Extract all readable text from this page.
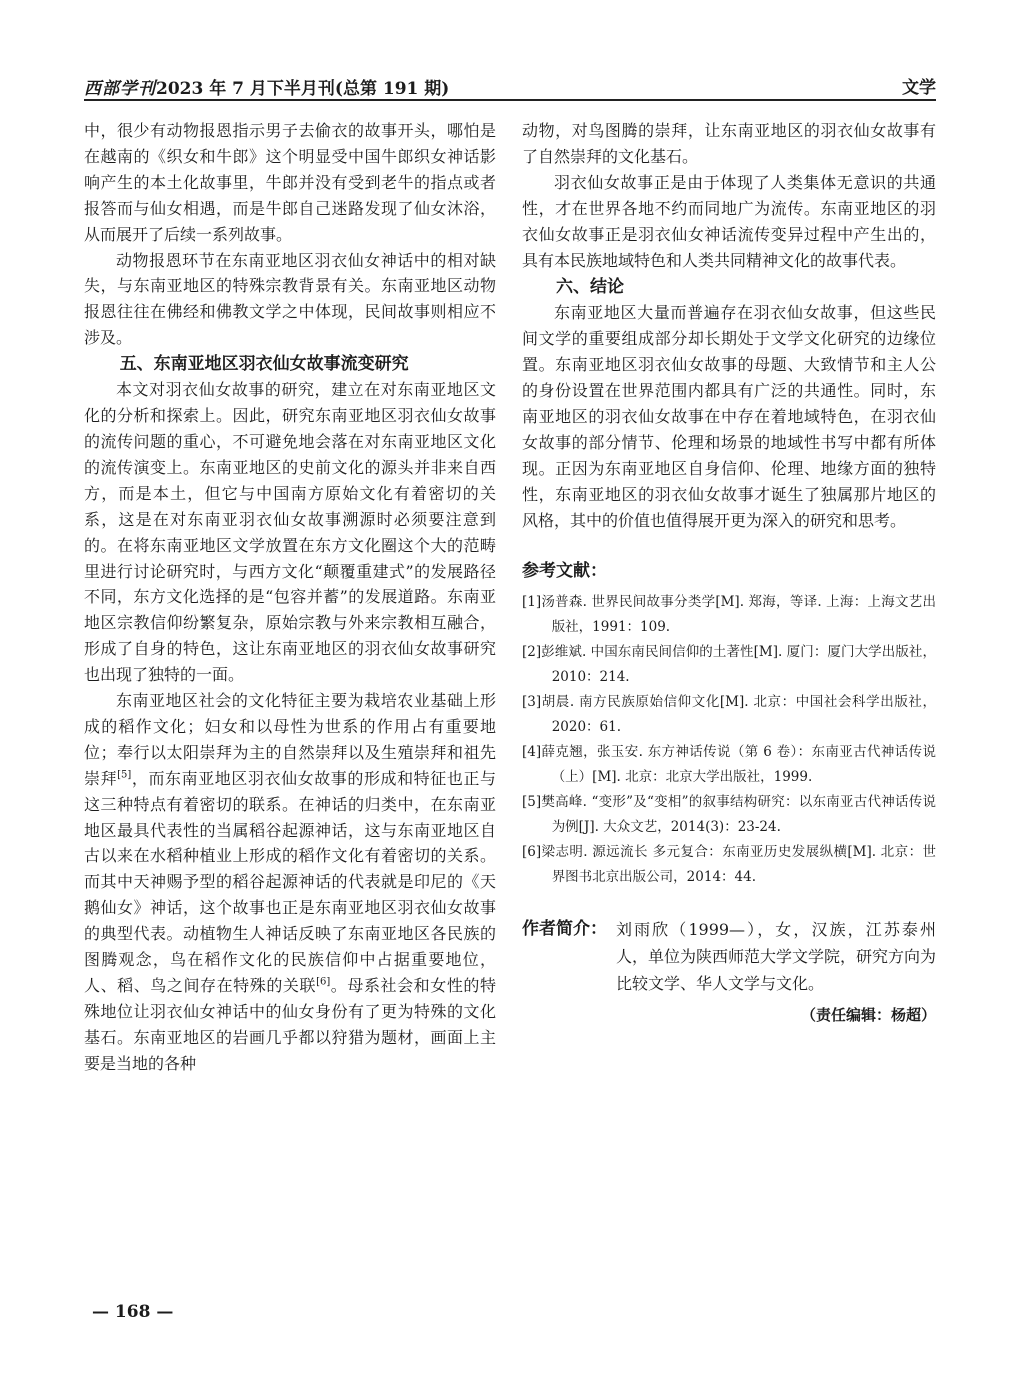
西部学刊2023 年 7 月下半月刊(总第 191 期)	文学

中，很少有动物报恩指示男子去偷衣的故事开头，哪怕是在越南的《织女和牛郎》这个明显受中国牛郎织女神话影响产生的本土化故事里，牛郎并没有受到老牛的指点或者报答而与仙女相遇，而是牛郎自己迷路发现了仙女沐浴，从而展开了后续一系列故事。

动物报恩环节在东南亚地区羽衣仙女神话中的相对缺失，与东南亚地区的特殊宗教背景有关。东南亚地区动物报恩往往在佛经和佛教文学之中体现，民间故事则相应不涉及。

五、东南亚地区羽衣仙女故事流变研究

本文对羽衣仙女故事的研究，建立在对东南亚地区文化的分析和探索上。因此，研究东南亚地区羽衣仙女故事的流传问题的重心，不可避免地会落在对东南亚地区文化的流传演变上。东南亚地区的史前文化的源头并非来自西方，而是本土，但它与中国南方原始文化有着密切的关系，这是在对东南亚羽衣仙女故事溯源时必须要注意到的。在将东南亚地区文学放置在东方文化圈这个大的范畴里进行讨论研究时，与西方文化“颠覆重建式”的发展路径不同，东方文化选择的是“包容并蓄”的发展道路。东南亚地区宗教信仰纷繁复杂，原始宗教与外来宗教相互融合，形成了自身的特色，这让东南亚地区的羽衣仙女故事研究也出现了独特的一面。

东南亚地区社会的文化特征主要为栽培农业基础上形成的稻作文化；妇女和以母性为世系的作用占有重要地位；奉行以太阳崇拜为主的自然崇拜以及生殖崇拜和祖先崇拜[5]，而东南亚地区羽衣仙女故事的形成和特征也正与这三种特点有着密切的联系。在神话的归类中，在东南亚地区最具代表性的当属稻谷起源神话，这与东南亚地区自古以来在水稻种植业上形成的稻作文化有着密切的关系。而其中天神赐予型的稻谷起源神话的代表就是印尼的《天鹅仙女》神话，这个故事也正是东南亚地区羽衣仙女故事的典型代表。动植物生人神话反映了东南亚地区各民族的图腾观念，鸟在稻作文化的民族信仰中占据重要地位，人、稻、鸟之间存在特殊的关联[6]。母系社会和女性的特殊地位让羽衣仙女神话中的仙女身份有了更为特殊的文化基石。东南亚地区的岩画几乎都以狩猎为题材，画面上主要是当地的各种

动物，对鸟图腾的崇拜，让东南亚地区的羽衣仙女故事有了自然崇拜的文化基石。

羽衣仙女故事正是由于体现了人类集体无意识的共通性，才在世界各地不约而同地广为流传。东南亚地区的羽衣仙女故事正是羽衣仙女神话流传变异过程中产生出的，具有本民族地域特色和人类共同精神文化的故事代表。

六、结论

东南亚地区大量而普遍存在羽衣仙女故事，但这些民间文学的重要组成部分却长期处于文学文化研究的边缘位置。东南亚地区羽衣仙女故事的母题、大致情节和主人公的身份设置在世界范围内都具有广泛的共通性。同时，东南亚地区的羽衣仙女故事在中存在着地域特色，在羽衣仙女故事的部分情节、伦理和场景的地域性书写中都有所体现。正因为东南亚地区自身信仰、伦理、地缘方面的独特性，东南亚地区的羽衣仙女故事才诞生了独属那片地区的风格，其中的价值也值得展开更为深入的研究和思考。

参考文献：
[1]汤普森. 世界民间故事分类学[M]. 郑海，等译. 上海：上海文艺出版社，1991：109.
[2]彭维斌. 中国东南民间信仰的土著性[M]. 厦门：厦门大学出版社，2010：214.
[3]胡晨. 南方民族原始信仰文化[M]. 北京：中国社会科学出版社，2020：61.
[4]薛克翘，张玉安. 东方神话传说（第 6 卷）：东南亚古代神话传说（上）[M]. 北京：北京大学出版社，1999.
[5]樊高峰. “变形”及“变相”的叙事结构研究：以东南亚古代神话传说为例[J]. 大众文艺，2014(3)：23-24.
[6]梁志明. 源远流长 多元复合：东南亚历史发展纵横[M]. 北京：世界图书北京出版公司，2014：44.
作者简介： 刘雨欣（1999—），女，汉族，江苏泰州人，单位为陕西师范大学文学院，研究方向为比较文学、华人文学与文化。
（责任编辑：杨超）
— 168 —
